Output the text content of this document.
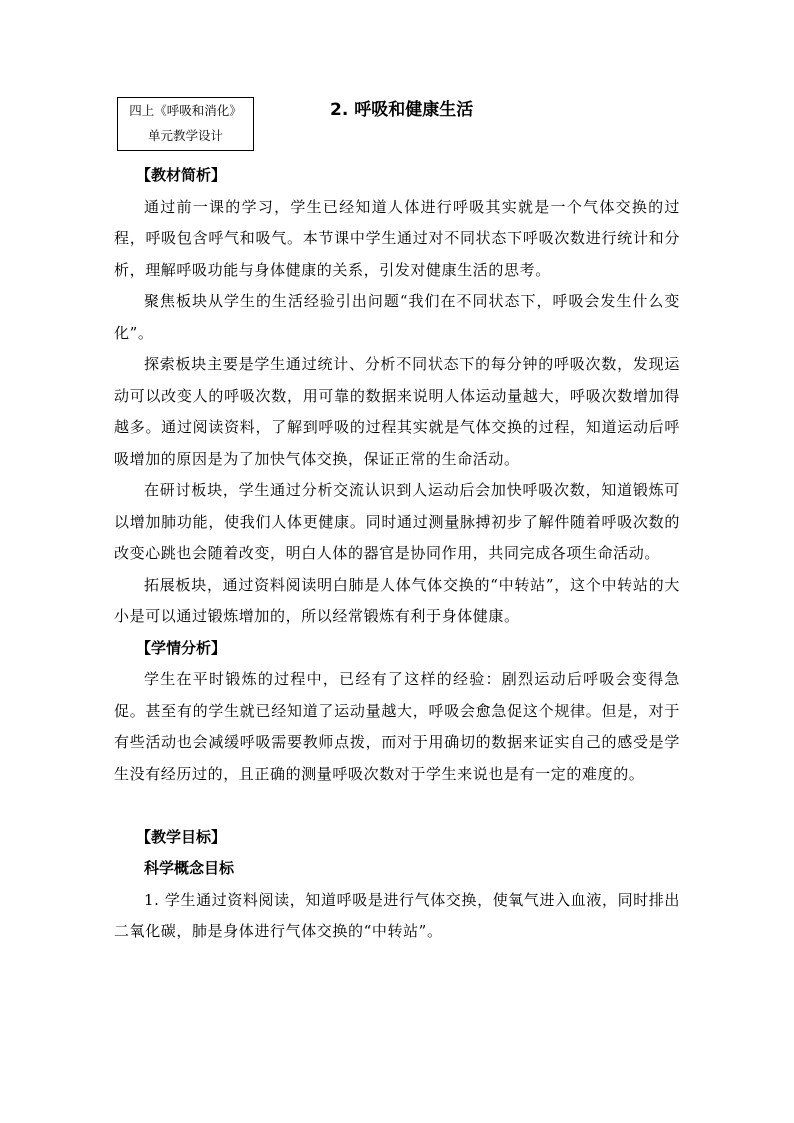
四上《呼吸和消化》
单元教学设计
2. 呼吸和健康生活

【教材简析】

通过前一课的学习，学生已经知道人体进行呼吸其实就是一个气体交换的过程，呼吸包含呼气和吸气。本节课中学生通过对不同状态下呼吸次数进行统计和分析，理解呼吸功能与身体健康的关系，引发对健康生活的思考。

聚焦板块从学生的生活经验引出问题“我们在不同状态下，呼吸会发生什么变化”。

探索板块主要是学生通过统计、分析不同状态下的每分钟的呼吸次数，发现运动可以改变人的呼吸次数，用可靠的数据来说明人体运动量越大，呼吸次数增加得越多。通过阅读资料，了解到呼吸的过程其实就是气体交换的过程，知道运动后呼吸增加的原因是为了加快气体交换，保证正常的生命活动。

在研讨板块，学生通过分析交流认识到人运动后会加快呼吸次数，知道锻炼可以增加肺功能，使我们人体更健康。同时通过测量脉搏初步了解件随着呼吸次数的改变心跳也会随着改变，明白人体的器官是协同作用，共同完成各项生命活动。

拓展板块，通过资料阅读明白肺是人体气体交换的“中转站”，这个中转站的大小是可以通过锻炼增加的，所以经常锻炼有利于身体健康。

【学情分析】

学生在平时锻炼的过程中，已经有了这样的经验：剧烈运动后呼吸会变得急促。甚至有的学生就已经知道了运动量越大，呼吸会愈急促这个规律。但是，对于有些活动也会减缓呼吸需要教师点拨，而对于用确切的数据来证实自己的感受是学生没有经历过的，且正确的测量呼吸次数对于学生来说也是有一定的难度的。

【教学目标】

科学概念目标

1. 学生通过资料阅读，知道呼吸是进行气体交换，使氧气进入血液，同时排出二氧化碳，肺是身体进行气体交换的“中转站”。
